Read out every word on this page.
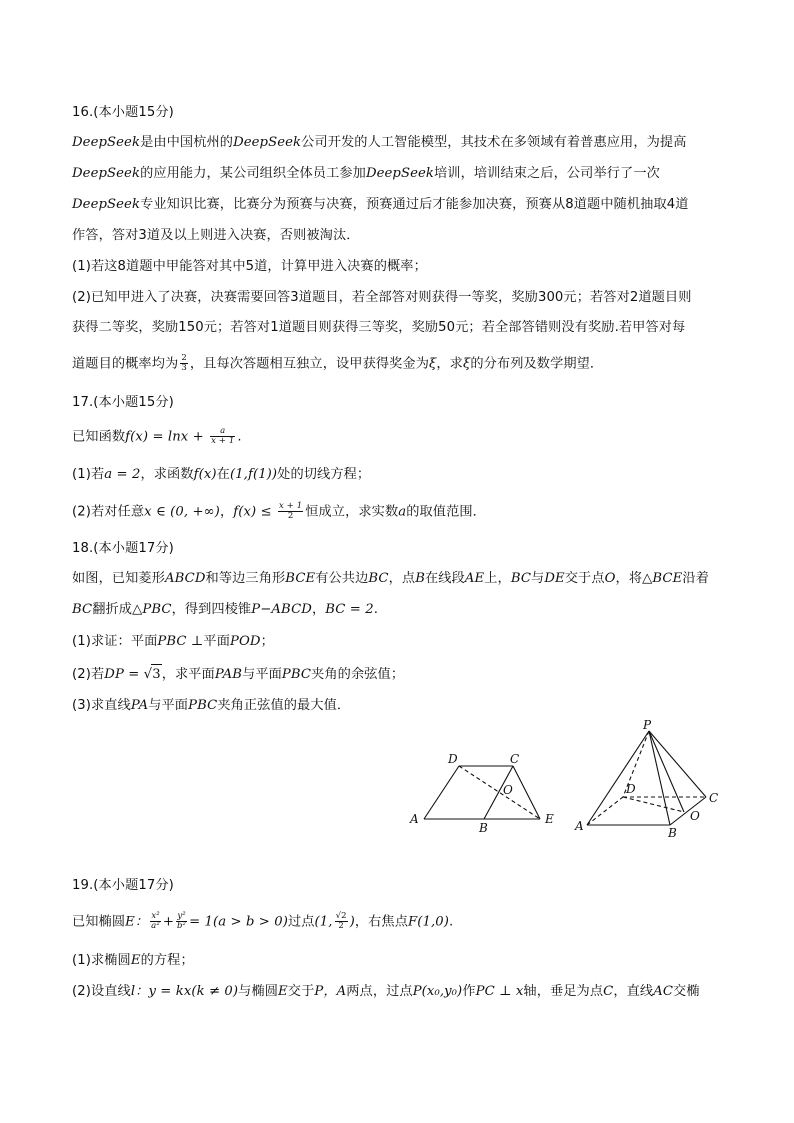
16.(本小题15分)
DeepSeek是由中国杭州的DeepSeek公司开发的人工智能模型，其技术在多领域有着普惠应用，为提高
DeepSeek的应用能力，某公司组织全体员工参加DeepSeek培训，培训结束之后，公司举行了一次
DeepSeek专业知识比赛，比赛分为预赛与决赛，预赛通过后才能参加决赛，预赛从8道题中随机抽取4道
作答，答对3道及以上则进入决赛，否则被淘汰．
(1)若这8道题中甲能答对其中5道，计算甲进入决赛的概率；
(2)已知甲进入了决赛，决赛需要回答3道题目，若全部答对则获得一等奖，奖励300元；若答对2道题目则
获得二等奖，奖励150元；若答对1道题目则获得三等奖，奖励50元；若全部答错则没有奖励.若甲答对每
道题目的概率均为 $\frac{2}{3}$ ，且每次答题相互独立，设甲获得奖金为ξ，求ξ的分布列及数学期望．
17.(本小题15分)
已知函数$f(x) = \ln x + \frac{a}{x + 1}$ .
(1)若a = 2，求函数f(x)在(1,f(1))处的切线方程；
(2)若对任意x ∈ (0, +∞)，$f(x) \le \frac{x + 1}{2}$ 恒成立，求实数a的取值范围．
18.(本小题17分)
如图，已知菱形ABCD和等边三角形BCE有公共边BC，点B在线段AE上，BC与DE交于点O，将△BCE沿着
BC翻折成△PBC，得到四棱锥P−ABCD，BC = 2.
(1)求证：平面PBC ⊥平面POD；
(2)若DP = √3，求平面PAB与平面PBC夹角的余弦值；
(3)求直线PA与平面PBC夹角正弦值的最大值．
D	C
O
A
B
E
P
D
C
O
A	B
19.(本小题17分)
已知椭圆E： $\frac{\text{x²}}{\text{a²}} + \frac{\text{y²}}{\text{b²}} = 1(a > b > 0)$过点(1, $\frac{√2}{2}$ )，右焦点F(1,0).
(1)求椭圆E的方程；
(2)设直线l：y = kx(k ≠ 0)与椭圆E交于P，A两点，过点P(x₀,y₀)作PC ⊥ x轴，垂足为点C，直线AC交椭
